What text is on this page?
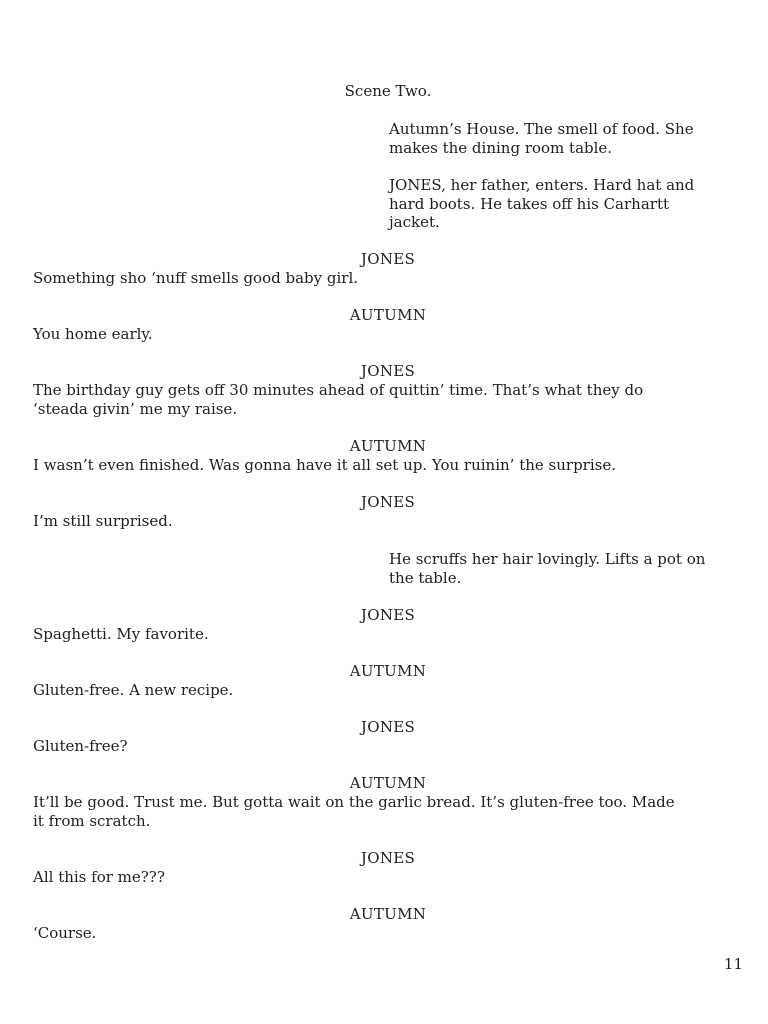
Scene Two.
Autumn’s House. The smell of food. She
makes the dining room table.
JONES, her father, enters. Hard hat and
hard boots. He takes off his Carhartt
jacket.
JONES
Something sho ‘nuff smells good baby girl.
AUTUMN
You home early.
JONES
The birthday guy gets off 30 minutes ahead of quittin’ time. That’s what they do
‘steada givin’ me my raise.
AUTUMN
I wasn’t even finished. Was gonna have it all set up. You ruinin’ the surprise.
JONES
I’m still surprised.
He scruffs her hair lovingly. Lifts a pot on
the table.
JONES
Spaghetti. My favorite.
AUTUMN
Gluten-free. A new recipe.
JONES
Gluten-free?
AUTUMN
It’ll be good. Trust me. But gotta wait on the garlic bread. It’s gluten-free too. Made
it from scratch.
JONES
All this for me???
AUTUMN
‘Course.
11
